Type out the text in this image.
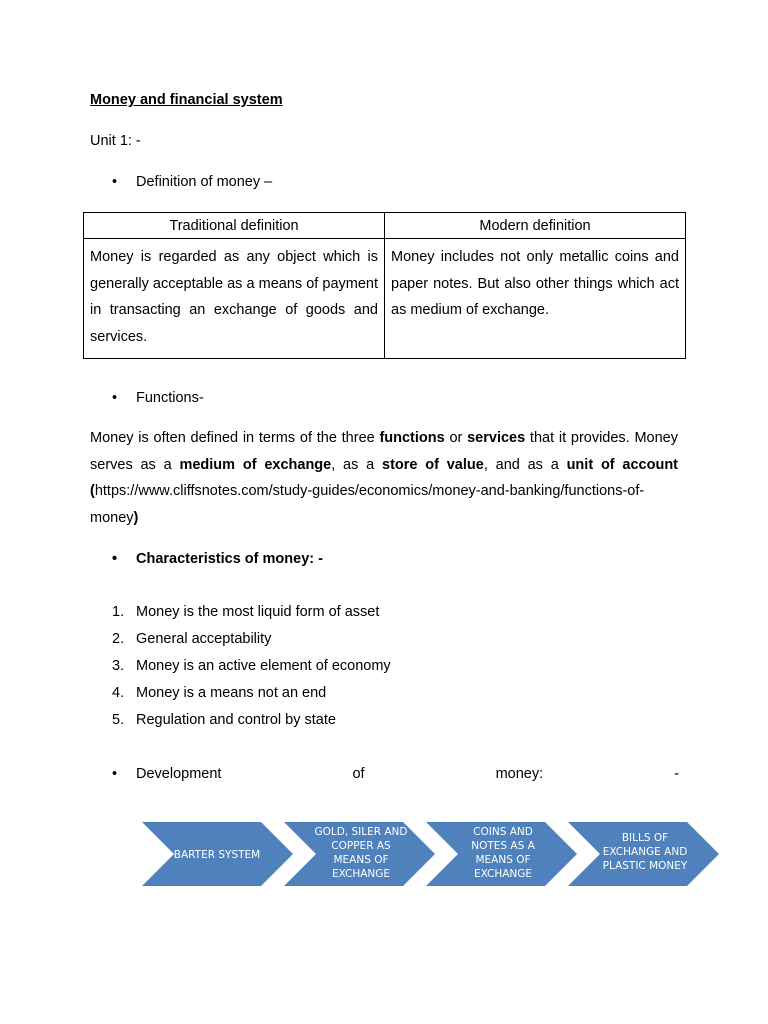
Money and financial system
Unit 1: -
• Definition of money –
Traditional definition	Modern definition
Money is regarded as any object which is generally acceptable as a means of payment in transacting an exchange of goods and services.	Money includes not only metallic coins and paper notes. But also other things which act as medium of exchange.
• Functions-
Money is often defined in terms of the three functions or services that it provides. Money serves as a medium of exchange, as a store of value, and as a unit of account (https://www.cliffsnotes.com/study-guides/economics/money-and-banking/functions-of-money)
• Characteristics of money: -
1. Money is the most liquid form of asset
2. General acceptability
3. Money is an active element of economy
4. Money is a means not an end
5. Regulation and control by state
• Development	of	money:	-
BARTER SYSTEM
GOLD, SILER AND
COPPER AS
MEANS OF
EXCHANGE
COINS AND
NOTES AS A
MEANS OF
EXCHANGE
BILLS OF
EXCHANGE AND
PLASTIC MONEY
